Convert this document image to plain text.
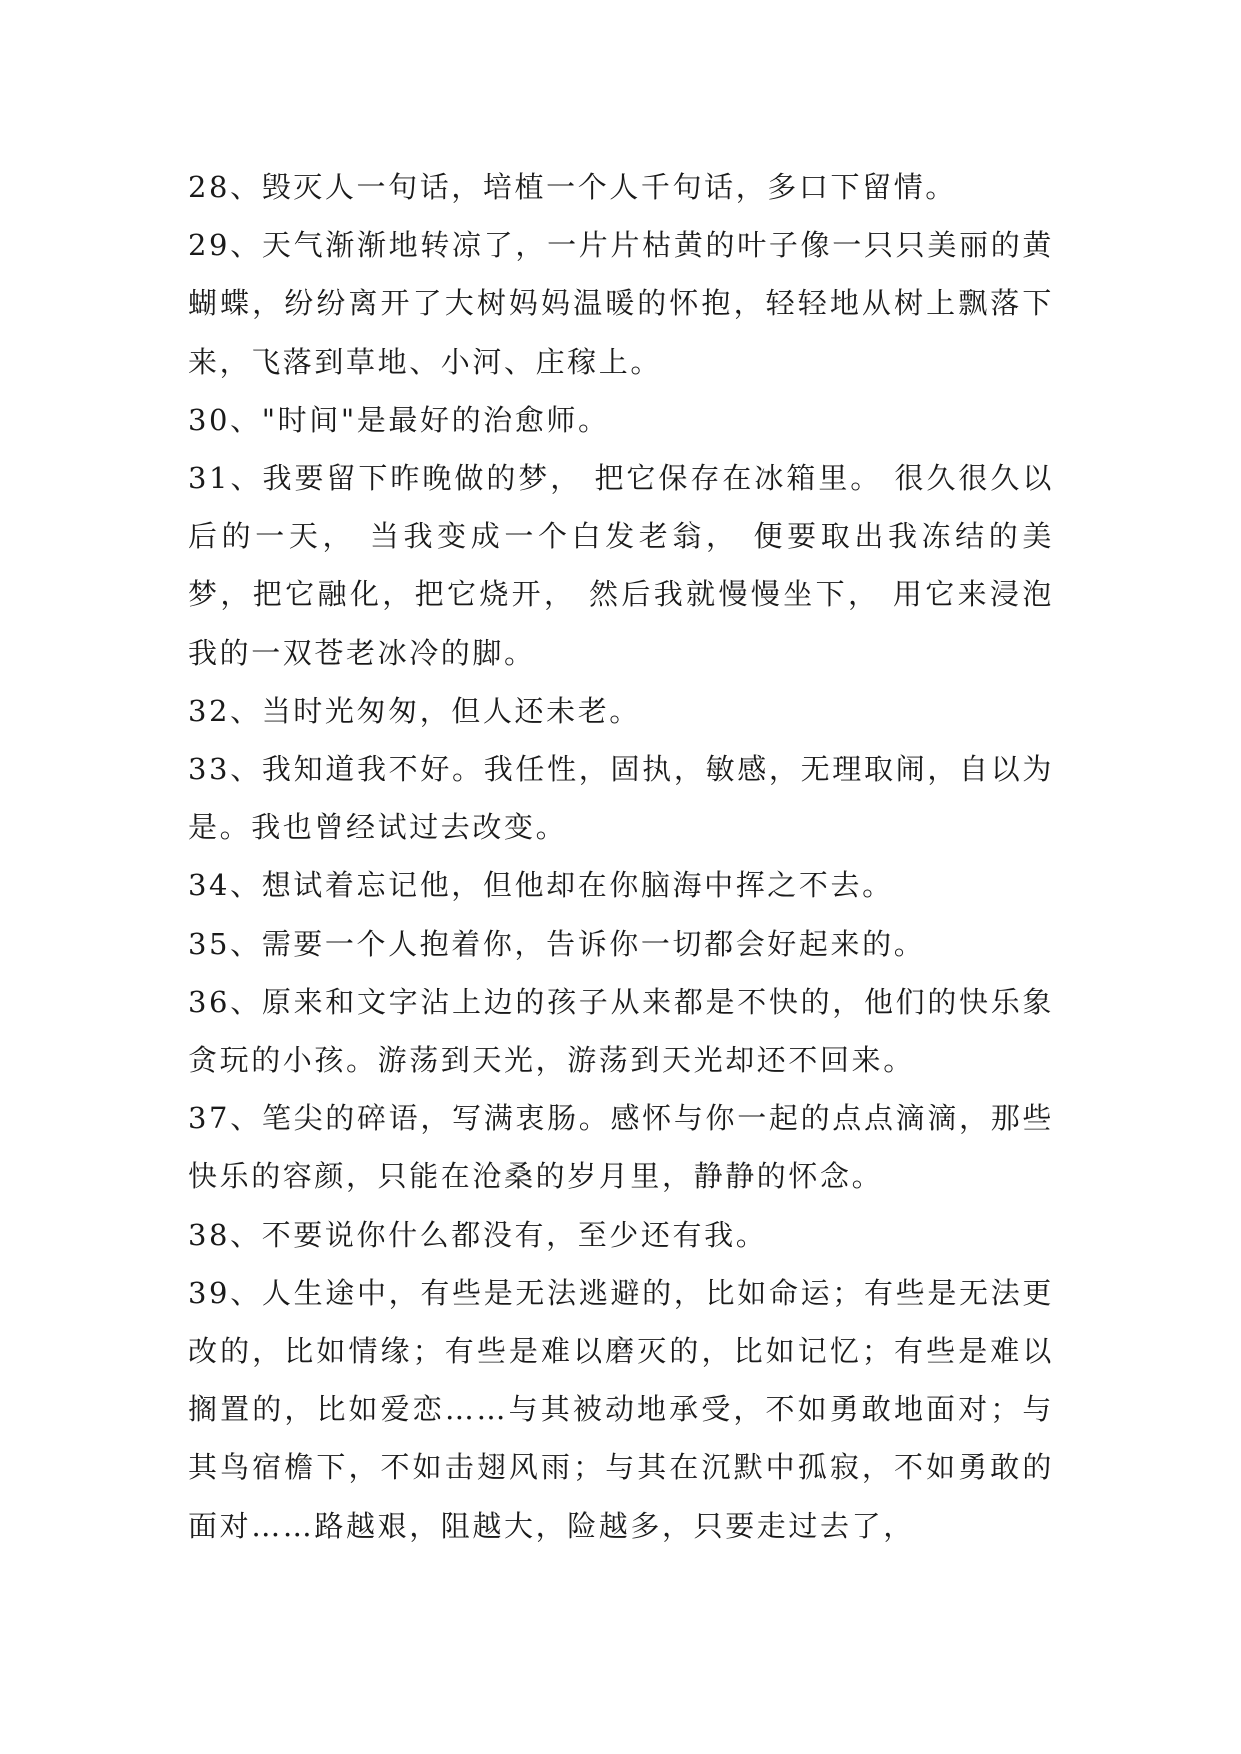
28、毁灭人一句话，培植一个人千句话，多口下留情。

29、天气渐渐地转凉了，一片片枯黄的叶子像一只只美丽的黄蝴蝶，纷纷离开了大树妈妈温暖的怀抱，轻轻地从树上飘落下来，飞落到草地、小河、庄稼上。

30、"时间"是最好的治愈师。

31、我要留下昨晚做的梦， 把它保存在冰箱里。 很久很久以后的一天， 当我变成一个白发老翁， 便要取出我冻结的美梦，把它融化，把它烧开， 然后我就慢慢坐下， 用它来浸泡我的一双苍老冰冷的脚。

32、当时光匆匆，但人还未老。

33、我知道我不好。我任性，固执，敏感，无理取闹，自以为是。我也曾经试过去改变。

34、想试着忘记他，但他却在你脑海中挥之不去。

35、需要一个人抱着你，告诉你一切都会好起来的。

36、原来和文字沾上边的孩子从来都是不快的，他们的快乐象贪玩的小孩。游荡到天光，游荡到天光却还不回来。

37、笔尖的碎语，写满衷肠。感怀与你一起的点点滴滴，那些快乐的容颜，只能在沧桑的岁月里，静静的怀念。

38、不要说你什么都没有，至少还有我。

39、人生途中，有些是无法逃避的，比如命运；有些是无法更改的，比如情缘；有些是难以磨灭的，比如记忆；有些是难以搁置的，比如爱恋……与其被动地承受，不如勇敢地面对；与其鸟宿檐下，不如击翅风雨；与其在沉默中孤寂，不如勇敢的面对……路越艰，阻越大，险越多，只要走过去了，
